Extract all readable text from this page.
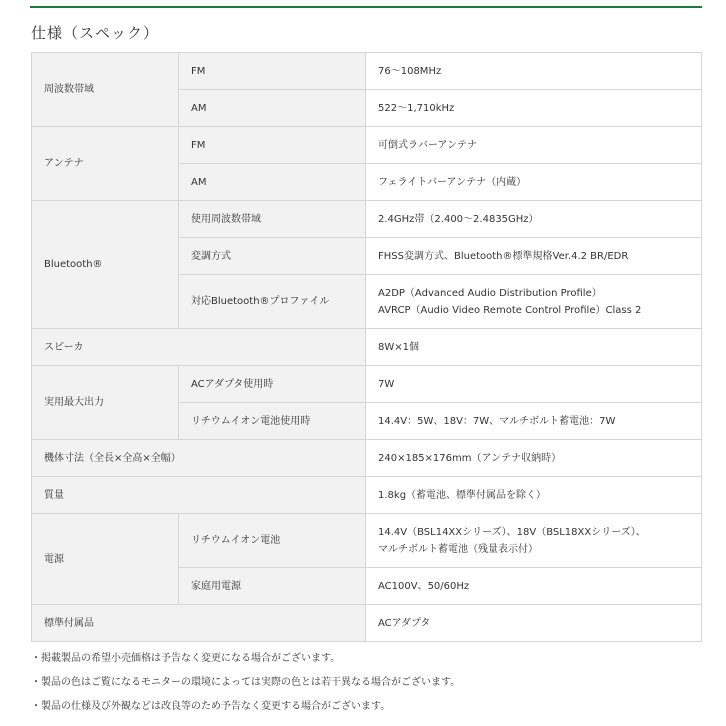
仕様（スペック）
周波数帯域	FM	76～108MHz
	AM	522～1,710kHz
アンテナ	FM	可倒式ラバーアンテナ
	AM	フェライトバーアンテナ（内蔵）
Bluetooth®	使用周波数帯域	2.4GHz帯（2.400～2.4835GHz）
	変調方式	FHSS変調方式、Bluetooth®標準規格Ver.4.2 BR/EDR
	対応Bluetooth®プロファイル	A2DP（Advanced Audio Distribution Profile）
AVRCP（Audio Video Remote Control Profile）Class 2

スピーカ		8W×1個
実用最大出力	ACアダプタ使用時	7W
	リチウムイオン電池使用時	14.4V：5W、18V：7W、マルチボルト蓄電池：7W
機体寸法（全長×全高×全幅）		240×185×176mm（アンテナ収納時）
質量		1.8kg（蓄電池、標準付属品を除く）
電源	リチウムイオン電池	14.4V（BSL14XXシリーズ）、18V（BSL18XXシリーズ）、
マルチボルト蓄電池（残量表示付）

	家庭用電源	AC100V、50/60Hz
標準付属品		ACアダプタ
・掲載製品の希望小売価格は予告なく変更になる場合がございます。
・製品の色はご覧になるモニターの環境によっては実際の色とは若干異なる場合がございます。
・製品の仕様及び外観などは改良等のため予告なく変更する場合がございます。
